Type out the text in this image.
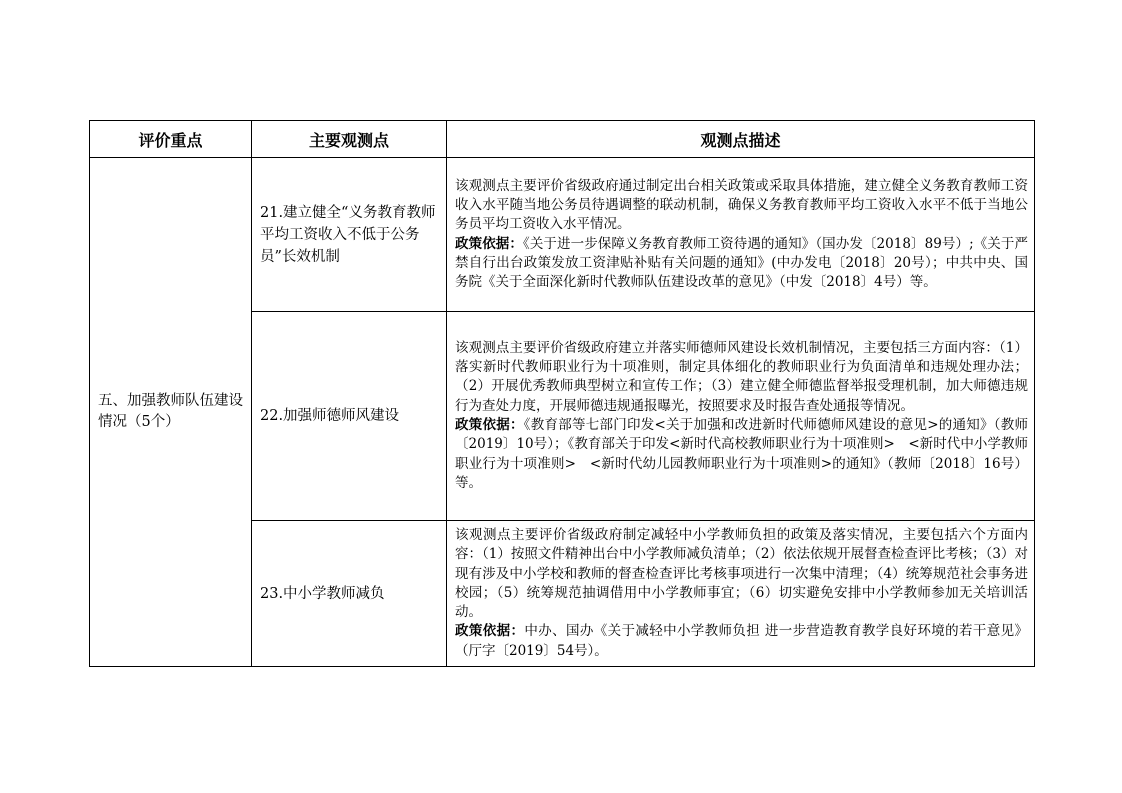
评价重点	主要观测点	观测点描述
五、加强教师队伍建设情况（5个）	21.建立健全“义务教育教师平均工资收入不低于公务员”长效机制	该观测点主要评价省级政府通过制定出台相关政策或采取具体措施，建立健全义务教育教师工资收入水平随当地公务员待遇调整的联动机制，确保义务教育教师平均工资收入水平不低于当地公务员平均工资收入水平情况。

政策依据：《关于进一步保障义务教育教师工资待遇的通知》（国办发〔2018〕89号）;《关于严禁自行出台政策发放工资津贴补贴有关问题的通知》(中办发电〔2018〕20号）；中共中央、国务院《关于全面深化新时代教师队伍建设改革的意见》（中发〔2018〕4号）等。

	22.加强师德师风建设	该观测点主要评价省级政府建立并落实师德师风建设长效机制情况，主要包括三方面内容：（1）落实新时代教师职业行为十项准则，制定具体细化的教师职业行为负面清单和违规处理办法；（2）开展优秀教师典型树立和宣传工作；（3）建立健全师德监督举报受理机制，加大师德违规行为查处力度，开展师德违规通报曝光，按照要求及时报告查处通报等情况。

政策依据：《教育部等七部门印发<关于加强和改进新时代师德师风建设的意见>的通知》（教师〔2019〕10号）；《教育部关于印发<新时代高校教师职业行为十项准则>　<新时代中小学教师职业行为十项准则>　<新时代幼儿园教师职业行为十项准则>的通知》（教师〔2018〕16号）等。

	23.中小学教师减负	该观测点主要评价省级政府制定减轻中小学教师负担的政策及落实情况，主要包括六个方面内容：（1）按照文件精神出台中小学教师减负清单；（2）依法依规开展督查检查评比考核；（3）对现有涉及中小学校和教师的督查检查评比考核事项进行一次集中清理；（4）统筹规范社会事务进校园；（5）统筹规范抽调借用中小学教师事宜；（6）切实避免安排中小学教师参加无关培训活动。

政策依据：中办、国办《关于减轻中小学教师负担 进一步营造教育教学良好环境的若干意见》（厅字〔2019〕54号）。
